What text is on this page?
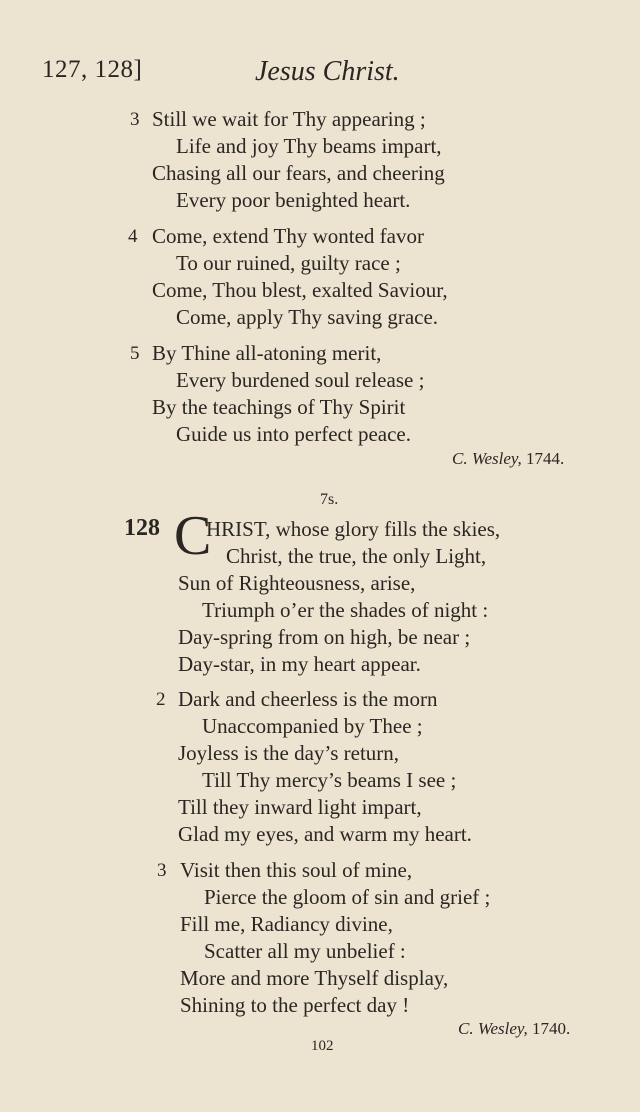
127, 128]	Jesus Christ.
3 Still we wait for Thy appearing ;
Life and joy Thy beams impart,
Chasing all our fears, and cheering
Every poor benighted heart.
4 Come, extend Thy wonted favor
To our ruined, guilty race ;
Come, Thou blest, exalted Saviour,
Come, apply Thy saving grace.
5 By Thine all-atoning merit,
Every burdened soul release ;
By the teachings of Thy Spirit
Guide us into perfect peace.
C. Wesley, 1744.
7s.
128 C
HRIST, whose glory fills the skies,
Christ, the true, the only Light,
Sun of Righteousness, arise,
Triumph o’er the shades of night :
Day-spring from on high, be near ;
Day-star, in my heart appear.
2 Dark and cheerless is the morn
Unaccompanied by Thee ;
Joyless is the day’s return,
Till Thy mercy’s beams I see ;
Till they inward light impart,
Glad my eyes, and warm my heart.
3 Visit then this soul of mine,
Pierce the gloom of sin and grief ;
Fill me, Radiancy divine,
Scatter all my unbelief :
More and more Thyself display,
Shining to the perfect day !
C. Wesley, 1740.
102
